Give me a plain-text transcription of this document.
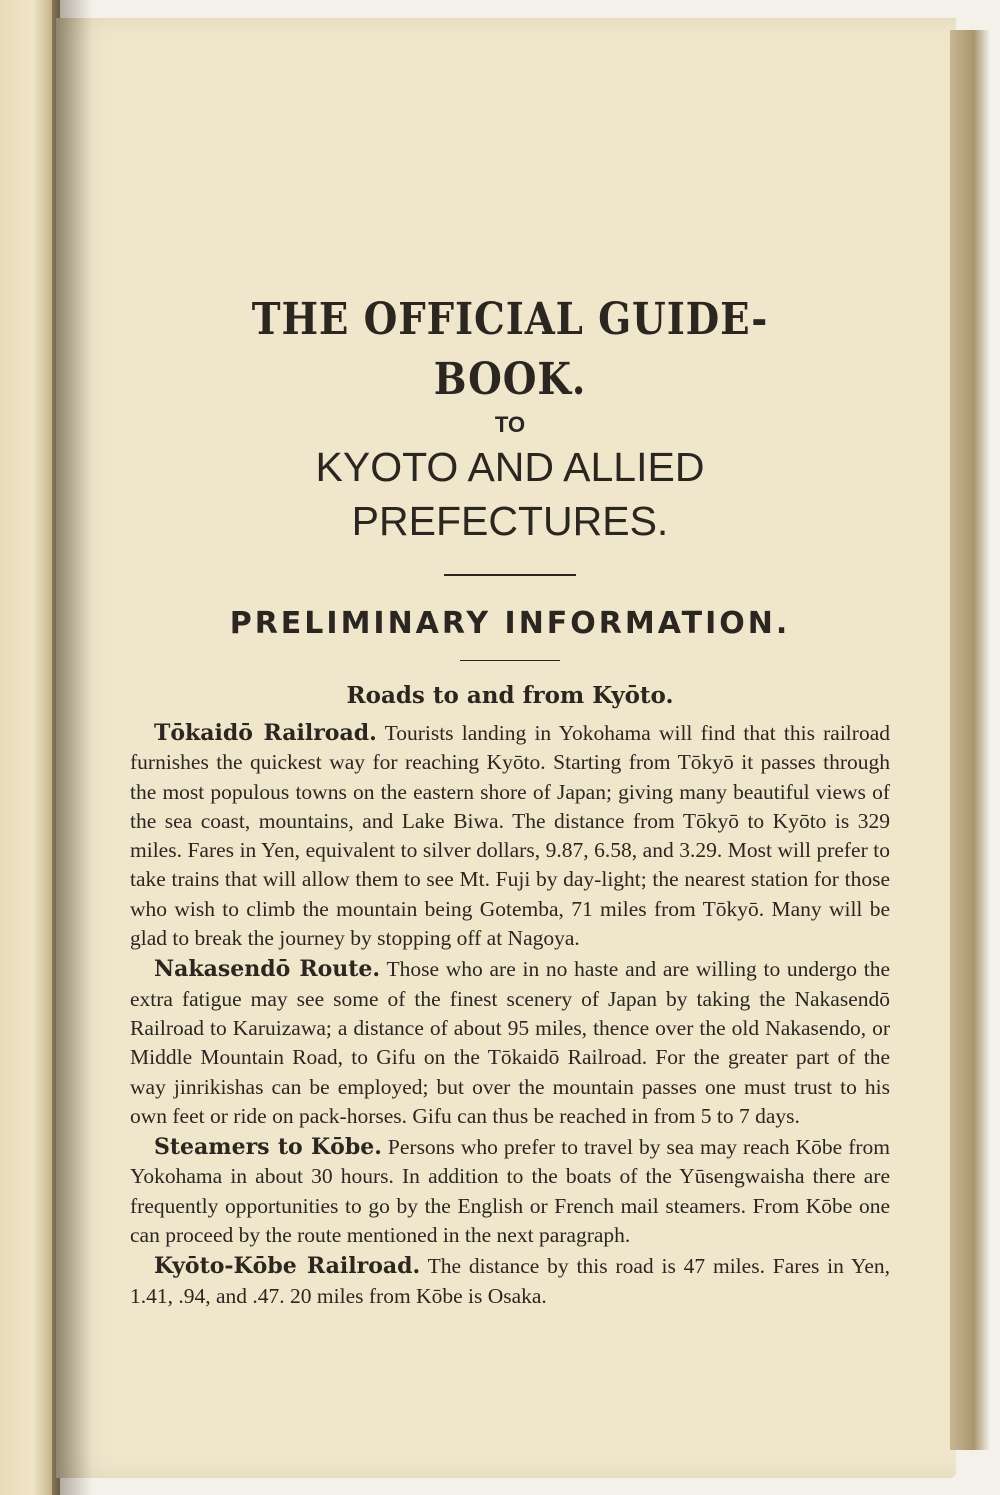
THE OFFICIAL GUIDE-BOOK.

TO

KYOTO AND ALLIED

PREFECTURES.

PRELIMINARY INFORMATION.
Roads to and from Kyōto.

Tōkaidō Railroad. Tourists landing in Yokohama will find that this railroad furnishes the quickest way for reaching Kyōto. Starting from Tōkyō it passes through the most populous towns on the eastern shore of Japan; giving many beautiful views of the sea coast, mountains, and Lake Biwa. The distance from Tōkyō to Kyōto is 329 miles. Fares in Yen, equivalent to silver dollars, 9.87, 6.58, and 3.29. Most will prefer to take trains that will allow them to see Mt. Fuji by day-light; the nearest station for those who wish to climb the mountain being Gotemba, 71 miles from Tōkyō. Many will be glad to break the journey by stopping off at Nagoya.

Nakasendō Route. Those who are in no haste and are willing to undergo the extra fatigue may see some of the finest scenery of Japan by taking the Nakasendō Railroad to Karuizawa; a distance of about 95 miles, thence over the old Nakasendo, or Middle Mountain Road, to Gifu on the Tōkaidō Railroad. For the greater part of the way jinrikishas can be employed; but over the mountain passes one must trust to his own feet or ride on pack-horses. Gifu can thus be reached in from 5 to 7 days.

Steamers to Kōbe. Persons who prefer to travel by sea may reach Kōbe from Yokohama in about 30 hours. In addition to the boats of the Yūsengwaisha there are frequently opportunities to go by the English or French mail steamers. From Kōbe one can proceed by the route mentioned in the next paragraph.

Kyōto-Kōbe Railroad. The distance by this road is 47 miles. Fares in Yen, 1.41, .94, and .47. 20 miles from Kōbe is Osaka.
